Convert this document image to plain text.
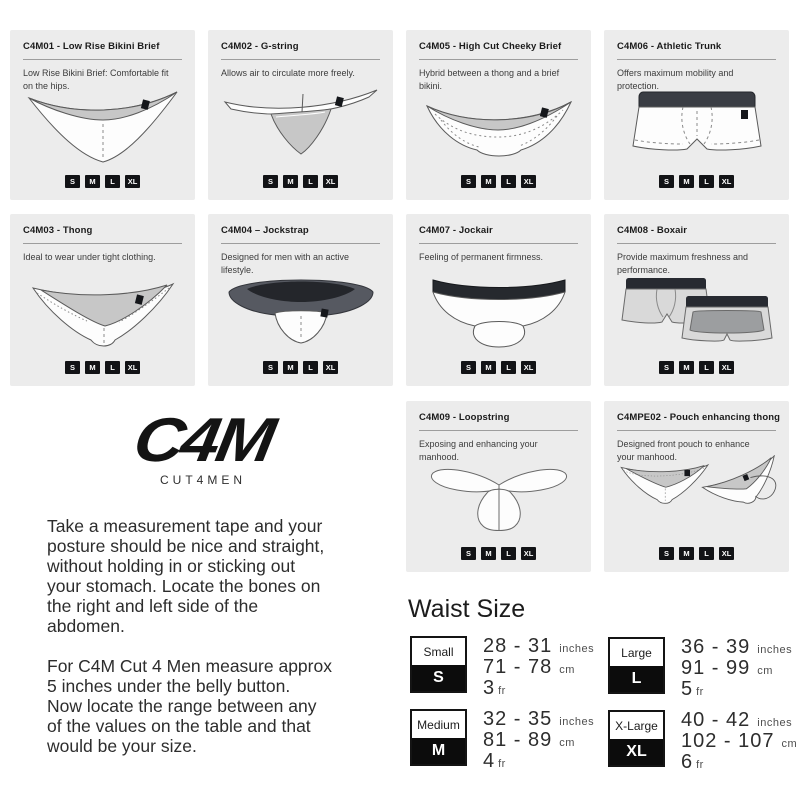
C4M01 - Low Rise Bikini Brief
Low Rise Bikini Brief: Comfortable fit on the hips.
S	M	L	XL
C4M02 - G-string
Allows air to circulate more freely.
S	M	L	XL
C4M05 - High Cut Cheeky Brief
Hybrid between a thong and a brief bikini.
S	M	L	XL
C4M06 - Athletic Trunk
Offers maximum mobility and protection.
S	M	L	XL
C4M03 - Thong
Ideal to wear under tight clothing.
S	M	L	XL
C4M04 – Jockstrap
Designed for men with an active lifestyle.
S	M	L	XL
C4M07 - Jockair
Feeling of permanent firmness.
S	M	L	XL
C4M08 - Boxair
Provide maximum freshness and performance.
S	M	L	XL
C4M09 - Loopstring
Exposing and enhancing your manhood.
S	M	L	XL
C4MPE02 - Pouch enhancing thong
Designed front pouch to enhance your manhood.
S	M	L	XL
C4M
CUT4MEN
Take a measurement tape and your
posture should be nice and straight,
without holding in or sticking out
your stomach. Locate the bones on
the right and left side of the
abdomen.
For C4M Cut 4 Men measure approx
5 inches under the belly button.
Now locate the range between any
of the values on the table and that
would be your size.
Waist Size
Small
S
28 - 31 inches
71 - 78 cm
3 fr
Large
L
36 - 39 inches
91 - 99 cm
5 fr
Medium
M
32 - 35 inches
81 - 89 cm
4 fr
X-Large
XL
40 - 42 inches
102 - 107 cm
6 fr
